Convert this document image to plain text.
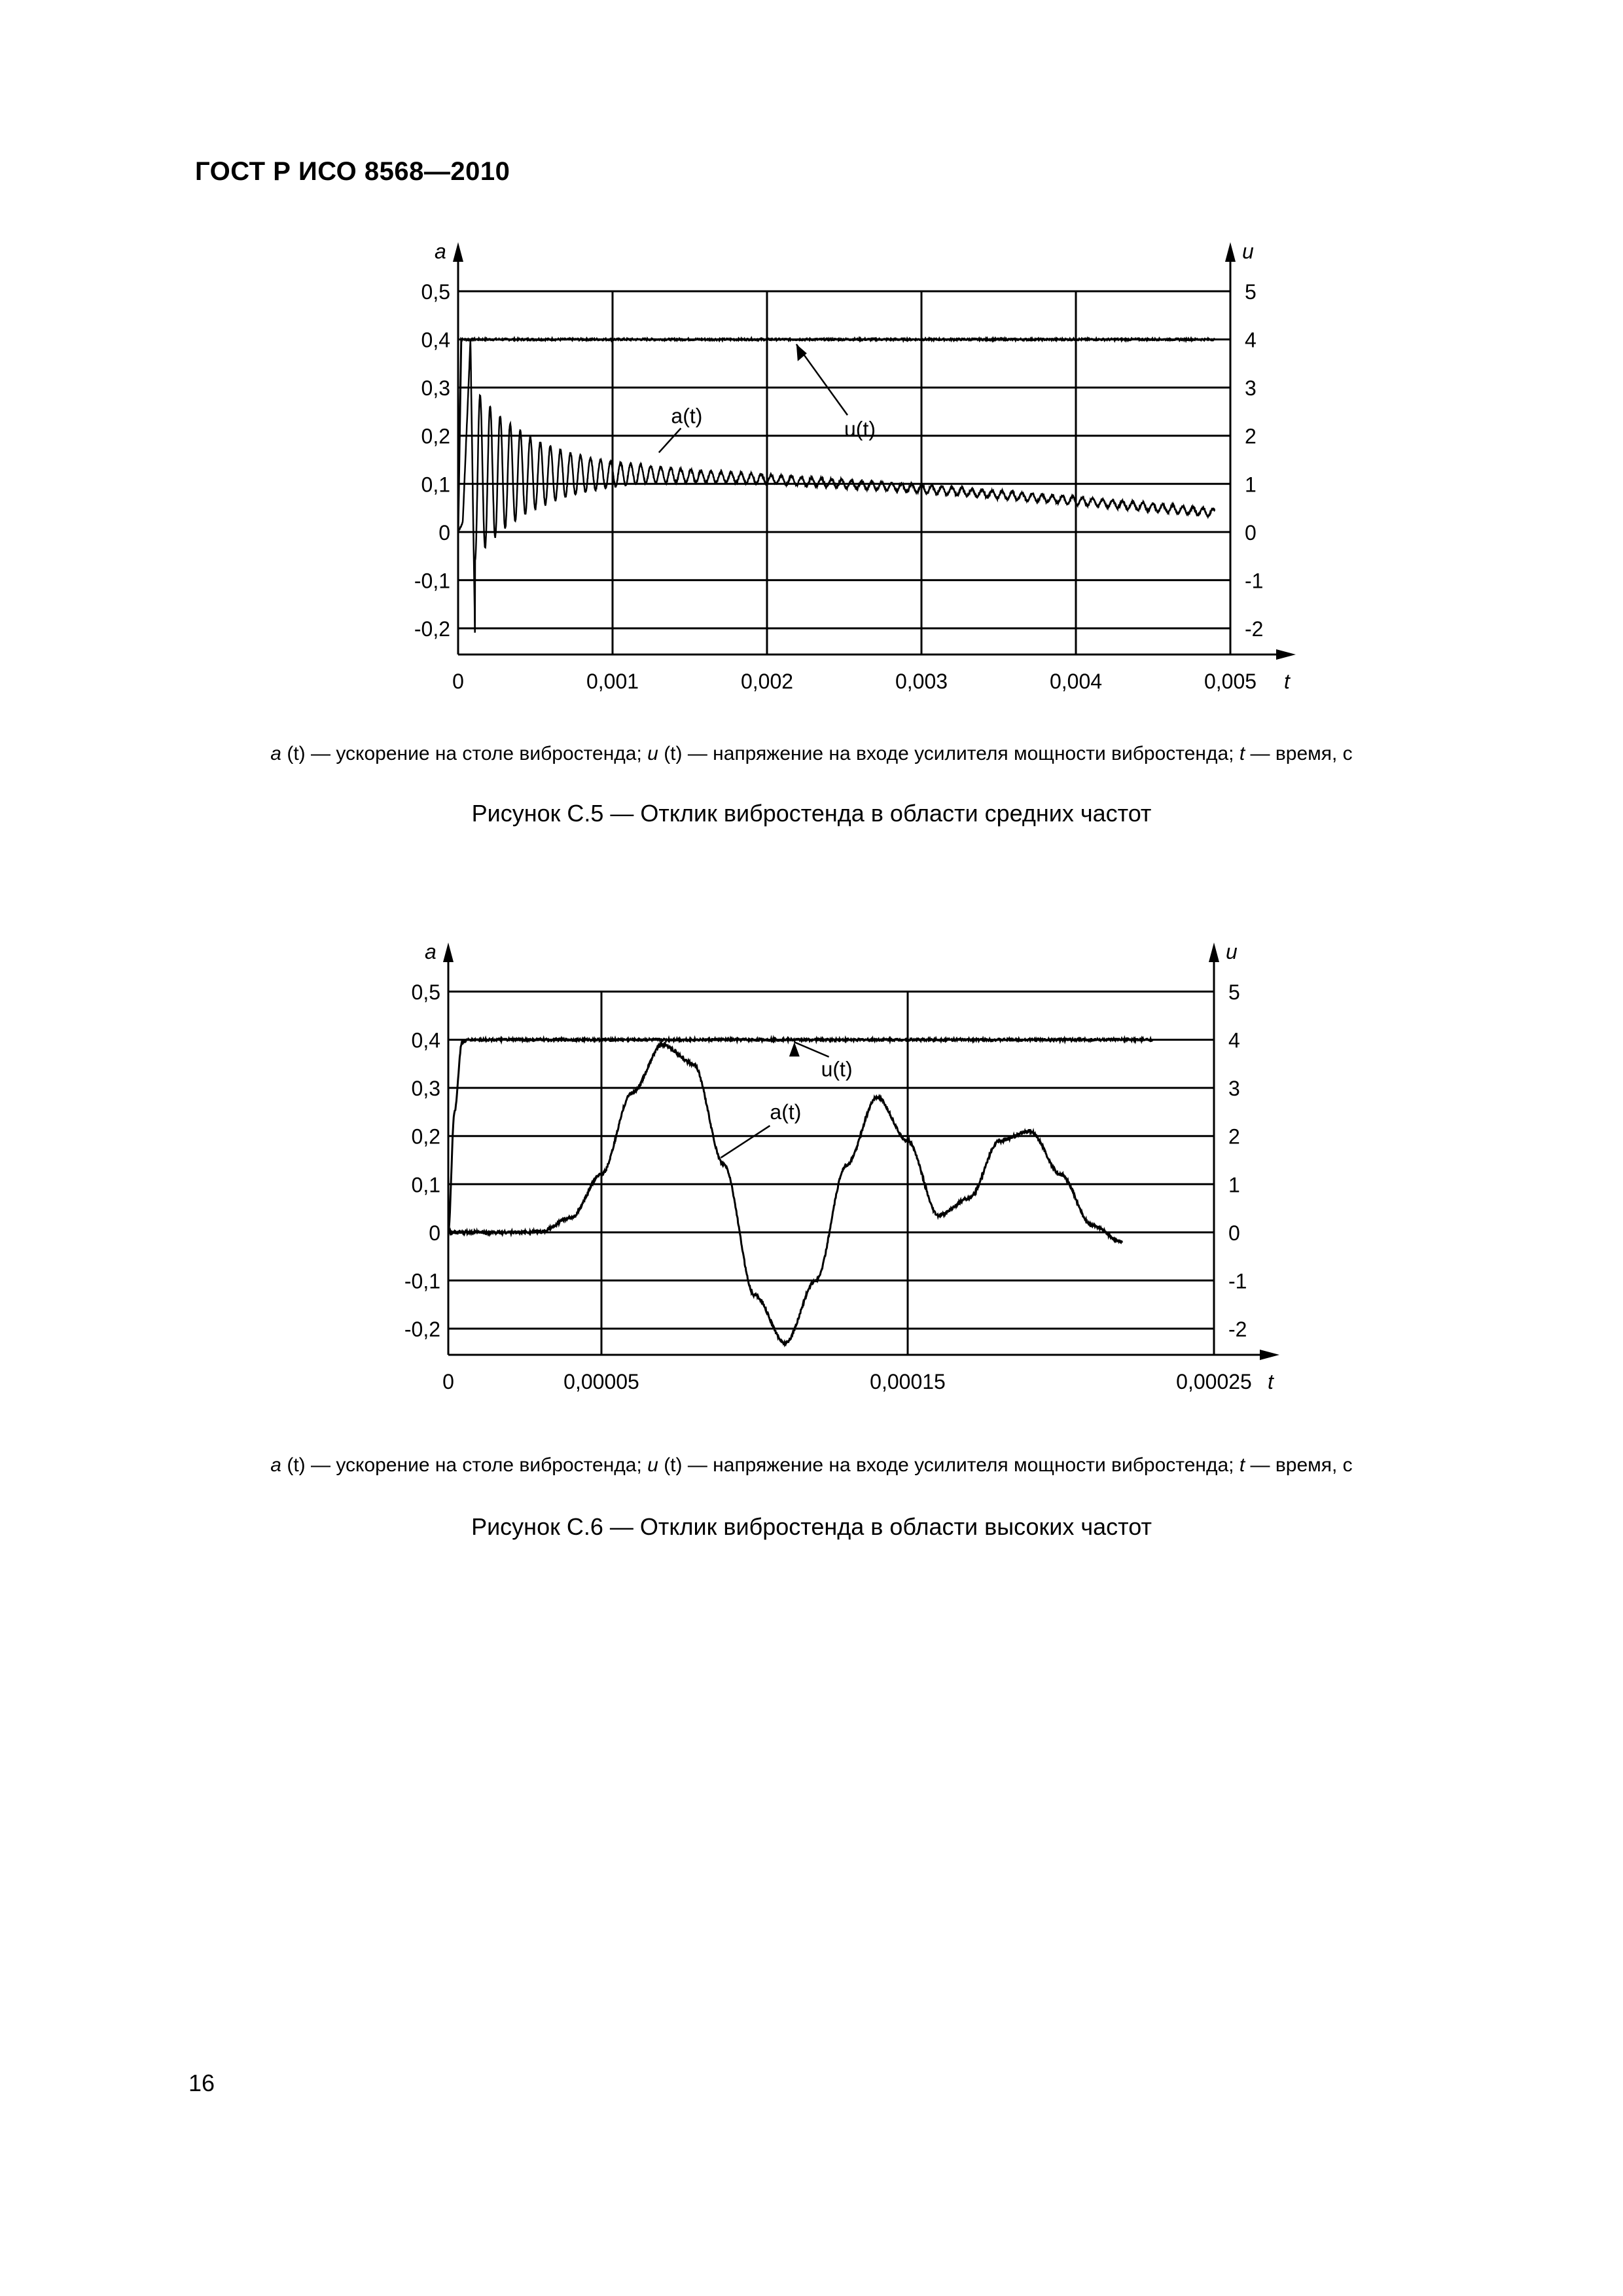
ГОСТ Р ИСО 8568—2010
0,5	5
0,4	4
0,3	3
0,2	2
0,1	1
0	0
-0,1	-1
-0,2	-2
a	u
t
0	0,001	0,002	0,003	0,004	0,005
a(t)
u(t)
a (t) — ускорение на столе вибростенда; u (t) — напряжение на входе усилителя мощности вибростенда; t — время, с
Рисунок С.5 — Отклик вибростенда в области средних частот
0,5	5
0,4	4
0,3	3
0,2	2
0,1	1
0	0
-0,1	-1
-0,2	-2
a	u
t
0	0,00005	0,00015	0,00025
u(t)
a(t)
a (t) — ускорение на столе вибростенда; u (t) — напряжение на входе усилителя мощности вибростенда; t — время, с
Рисунок С.6 — Отклик вибростенда в области высоких частот
16
